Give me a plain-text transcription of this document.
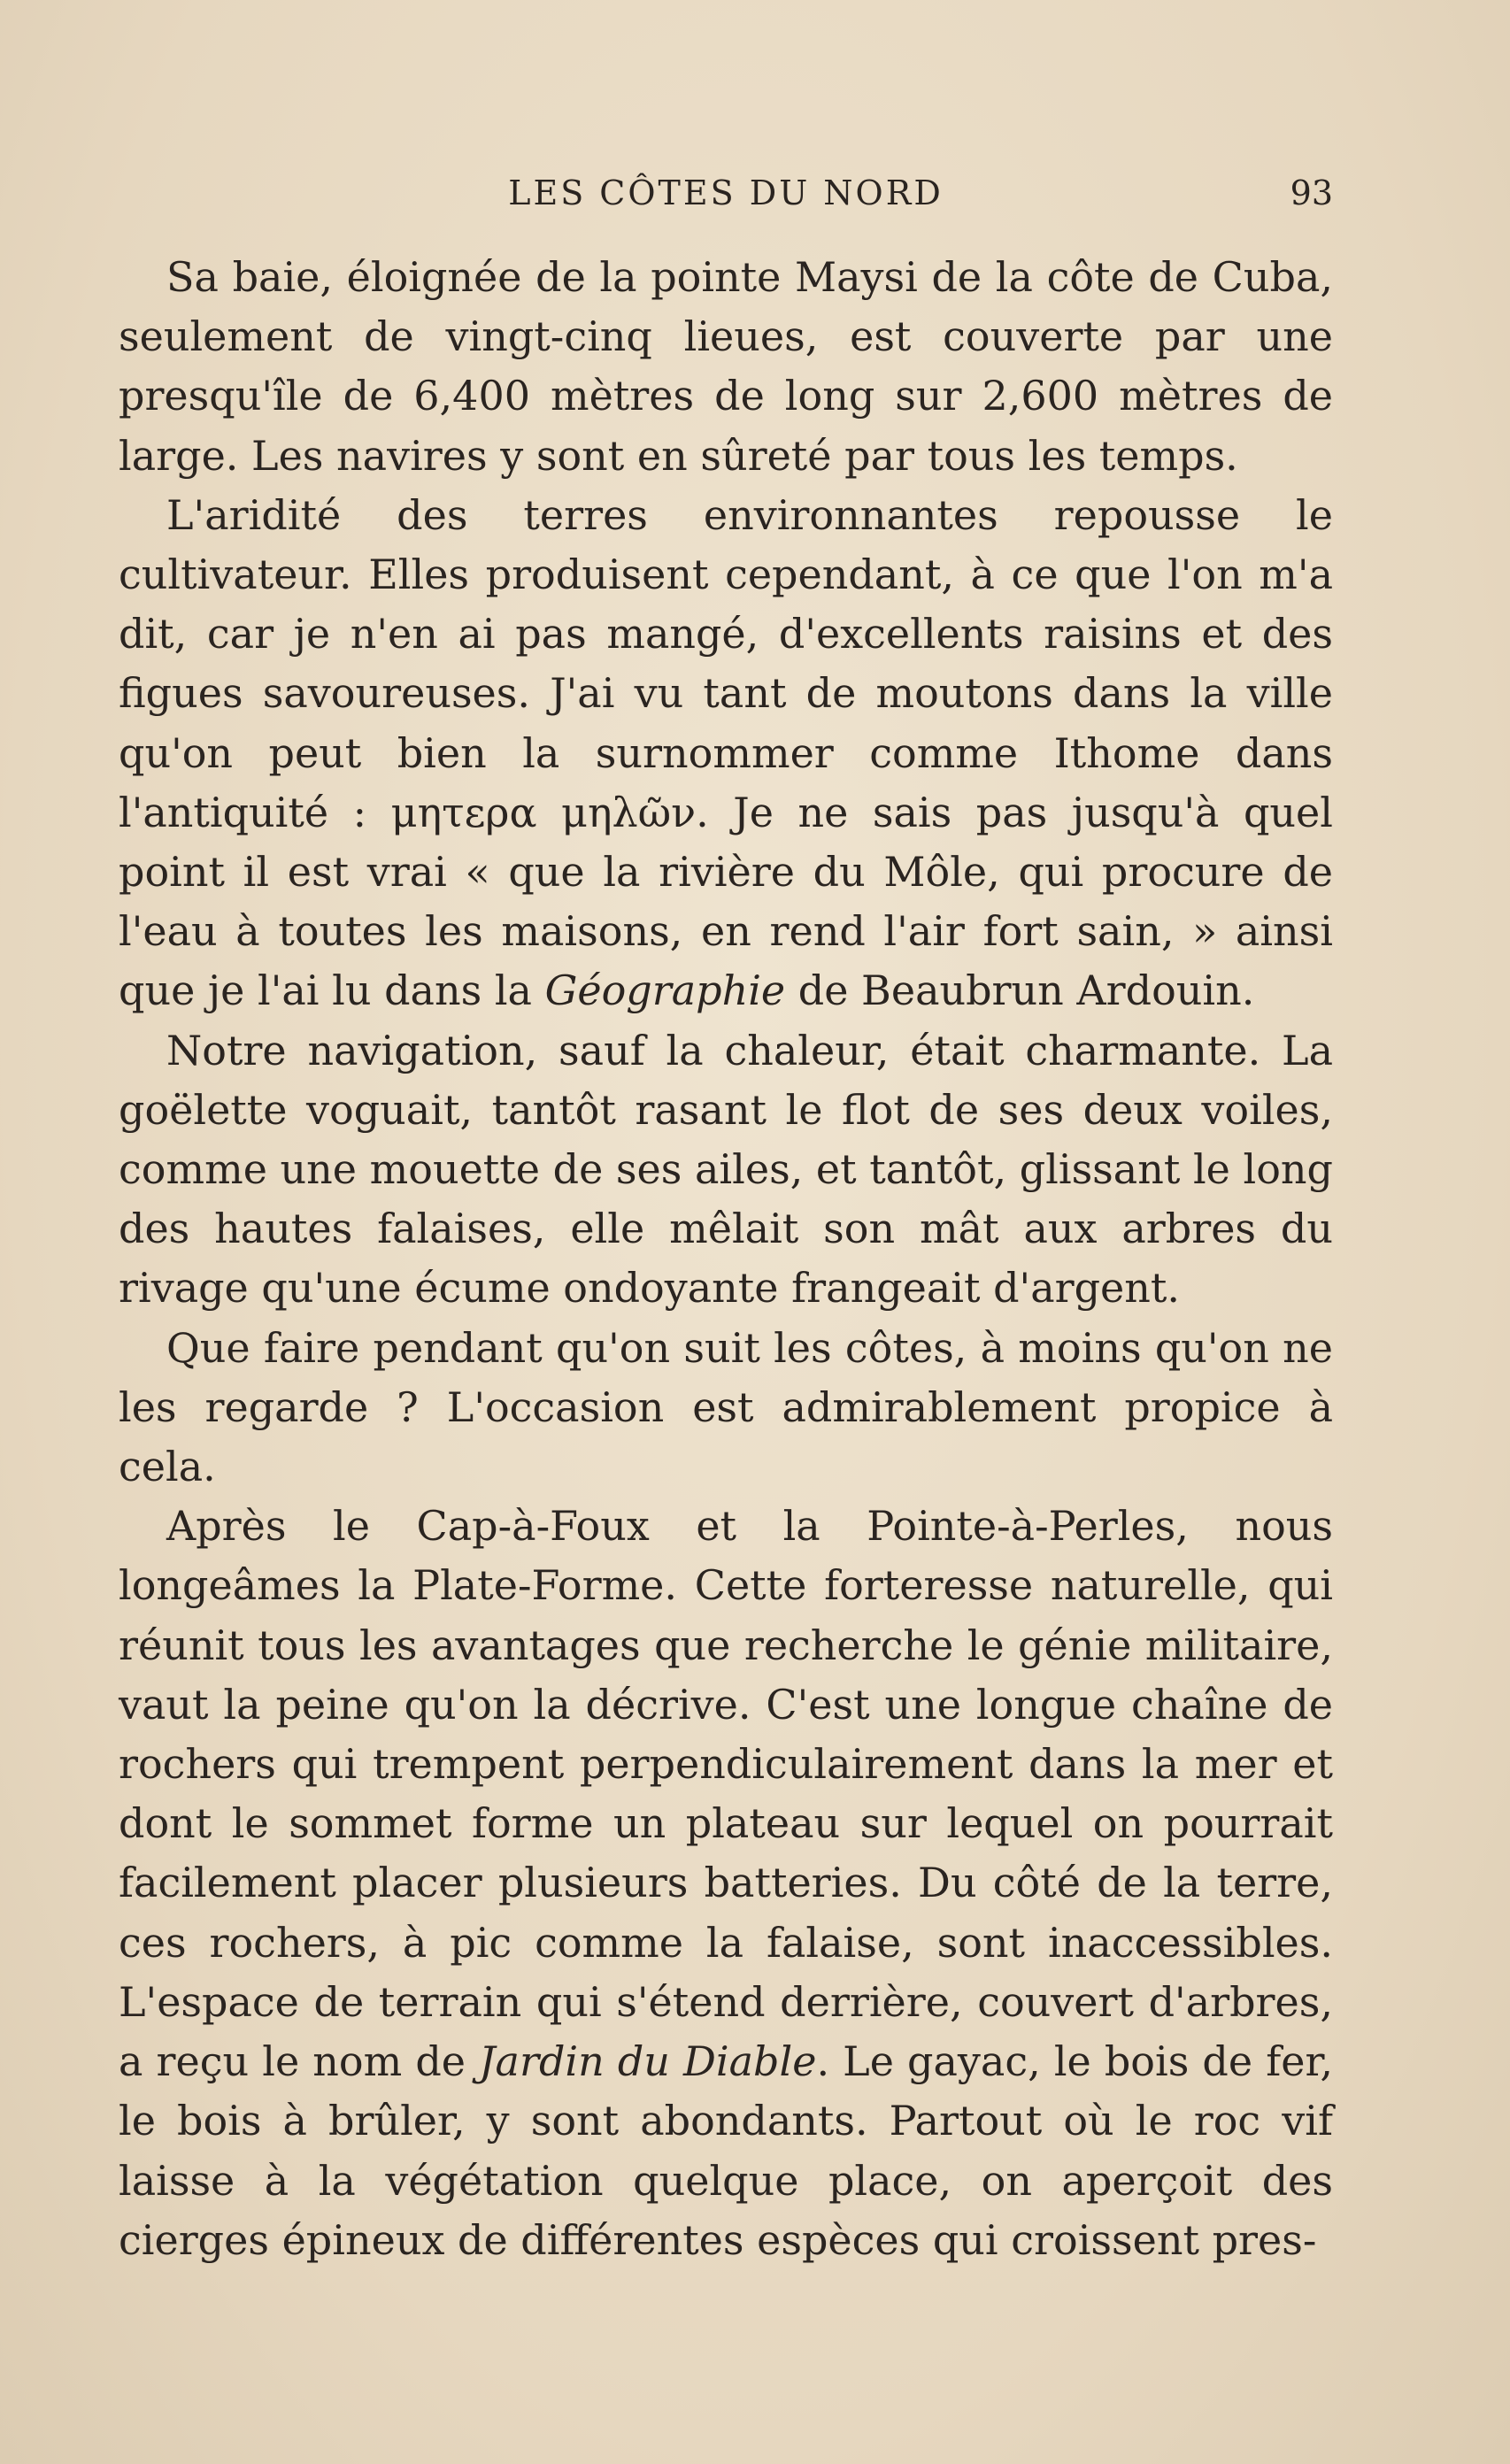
LES CÔTES DU NORD	93

Sa baie, éloignée de la pointe Maysi de la côte de Cuba, seulement de vingt-cinq lieues, est couverte par une presqu'île de 6,400 mètres de long sur 2,600 mètres de large. Les navires y sont en sûreté par tous les temps.

L'aridité des terres environnantes repousse le cultivateur. Elles produisent cependant, à ce que l'on m'a dit, car je n'en ai pas mangé, d'excellents raisins et des figues savoureuses. J'ai vu tant de moutons dans la ville qu'on peut bien la surnommer comme Ithome dans l'antiquité : μητερα μηλῶν. Je ne sais pas jusqu'à quel point il est vrai « que la rivière du Môle, qui procure de l'eau à toutes les maisons, en rend l'air fort sain, » ainsi que je l'ai lu dans la Géographie de Beaubrun Ardouin.

Notre navigation, sauf la chaleur, était charmante. La goëlette voguait, tantôt rasant le flot de ses deux voiles, comme une mouette de ses ailes, et tantôt, glissant le long des hautes falaises, elle mêlait son mât aux arbres du rivage qu'une écume ondoyante frangeait d'argent.

Que faire pendant qu'on suit les côtes, à moins qu'on ne les regarde ? L'occasion est admirablement propice à cela.

Après le Cap-à-Foux et la Pointe-à-Perles, nous longeâmes la Plate-Forme. Cette forteresse naturelle, qui réunit tous les avantages que recherche le génie militaire, vaut la peine qu'on la décrive. C'est une longue chaîne de rochers qui trempent perpendiculairement dans la mer et dont le sommet forme un plateau sur lequel on pourrait facilement placer plusieurs batteries. Du côté de la terre, ces rochers, à pic comme la falaise, sont inaccessibles. L'espace de terrain qui s'étend derrière, couvert d'arbres, a reçu le nom de Jardin du Diable. Le gayac, le bois de fer, le bois à brûler, y sont abondants. Partout où le roc vif laisse à la végétation quelque place, on aperçoit des cierges épineux de différentes espèces qui croissent pres-
